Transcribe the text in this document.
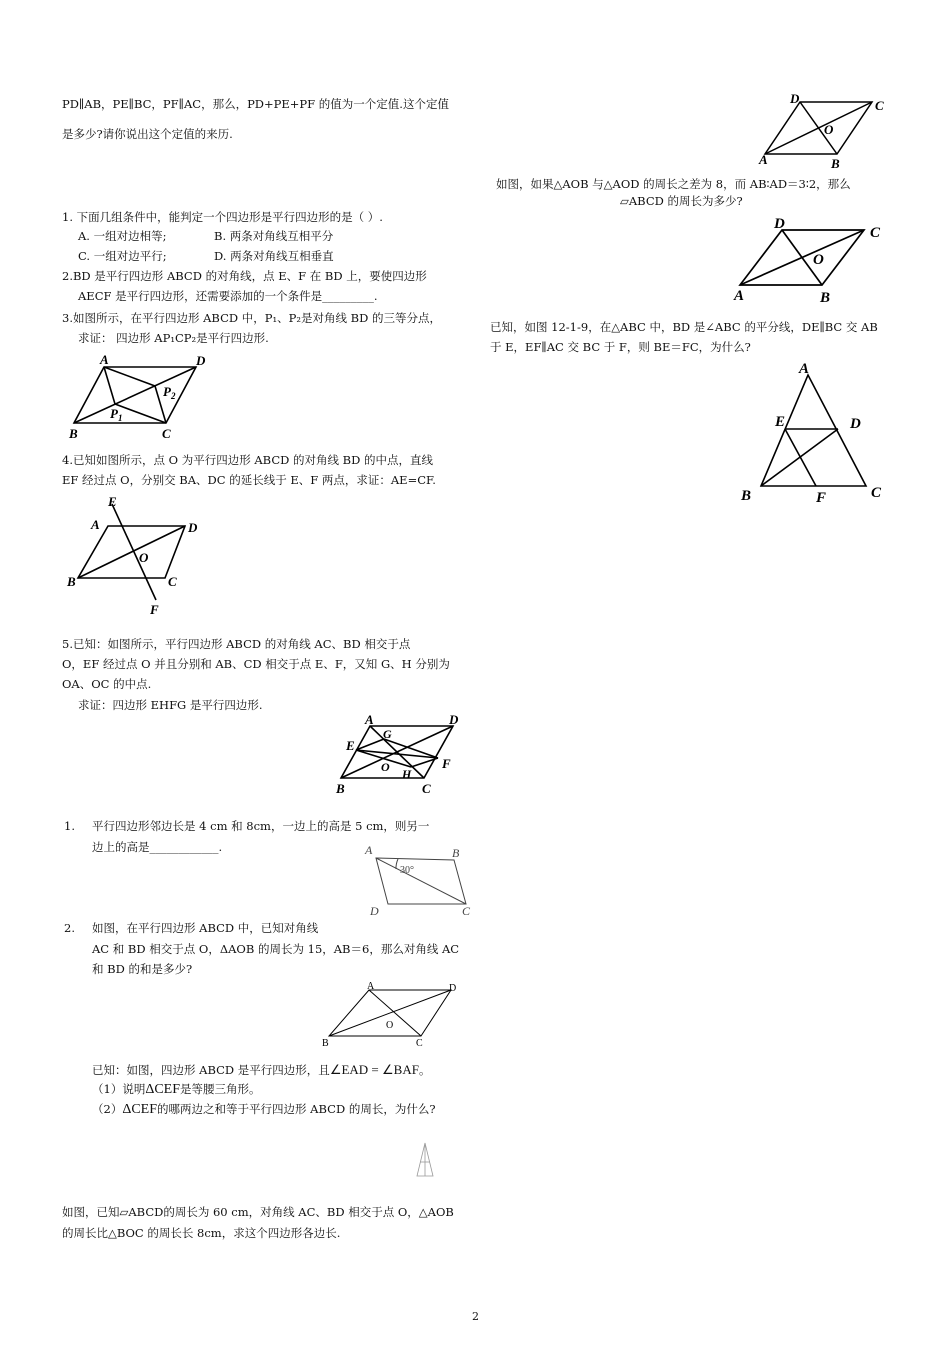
PD∥AB，PE∥BC，PF∥AC，那么，PD+PE+PF 的值为一个定值.这个定值
是多少?请你说出这个定值的来历.
1. 下面几组条件中，能判定一个四边形是平行四边形的是（ ）.
A. 一组对边相等;	B. 两条对角线互相平分
C. 一组对边平行;	D. 两条对角线互相垂直
2.BD 是平行四边形 ABCD 的对角线，点 E、F 在 BD 上，要使四边形
AECF 是平行四边形，还需要添加的一个条件是_________.
3.如图所示，在平行四边形 ABCD 中，P₁、P₂是对角线 BD 的三等分点，
求证： 四边形 AP₁CP₂是平行四边形.
A	D
B	C
$P_2$
$P_1$
4.已知如图所示，点 O 为平行四边形 ABCD 的对角线 BD 的中点，直线
EF 经过点 O，分别交 BA、DC 的延长线于 E、F 两点，求证：AE=CF.
E
A	D
O
B	C
F
5.已知：如图所示，平行四边形 ABCD 的对角线 AC、BD 相交于点
O，EF 经过点 O 并且分别和 AB、CD 相交于点 E、F，又知 G、H 分别为
OA、OC 的中点.
求证：四边形 EHFG 是平行四边形.
A	D
E
G
O H
F
B	C
1. 平行四边形邻边长是 4 cm 和 8cm，一边上的高是 5 cm，则另一
边上的高是____________.	A	B
30°
D	C
2. 如图，在平行四边形 ABCD 中，已知对角线
AC 和 BD 相交于点 O，ΔAOB 的周长为 15，AB＝6，那么对角线 AC
和 BD 的和是多少?
A	D
O
B	C
已知：如图，四边形 ABCD 是平行四边形，且∠EAD = ∠BAF。
（1）说明ΔCEF是等腰三角形。
（2）ΔCEF的哪两边之和等于平行四边形 ABCD 的周长，为什么?
如图，已知▱ABCD的周长为 60 cm，对角线 AC、BD 相交于点 O，△AOB
的周长比△BOC 的周长长 8cm，求这个四边形各边长.
D	C
O
A	B
如图，如果△AOB 与△AOD 的周长之差为 8，而 AB∶AD＝3∶2，那么
▱ABCD 的周长为多少?
D
C
O
A	B
已知，如图 12-1-9，在△ABC 中，BD 是∠ABC 的平分线，DE∥BC 交 AB
于 E，EF∥AC 交 BC 于 F，则 BE＝FC，为什么?
A
E	D
B	F	C
2
